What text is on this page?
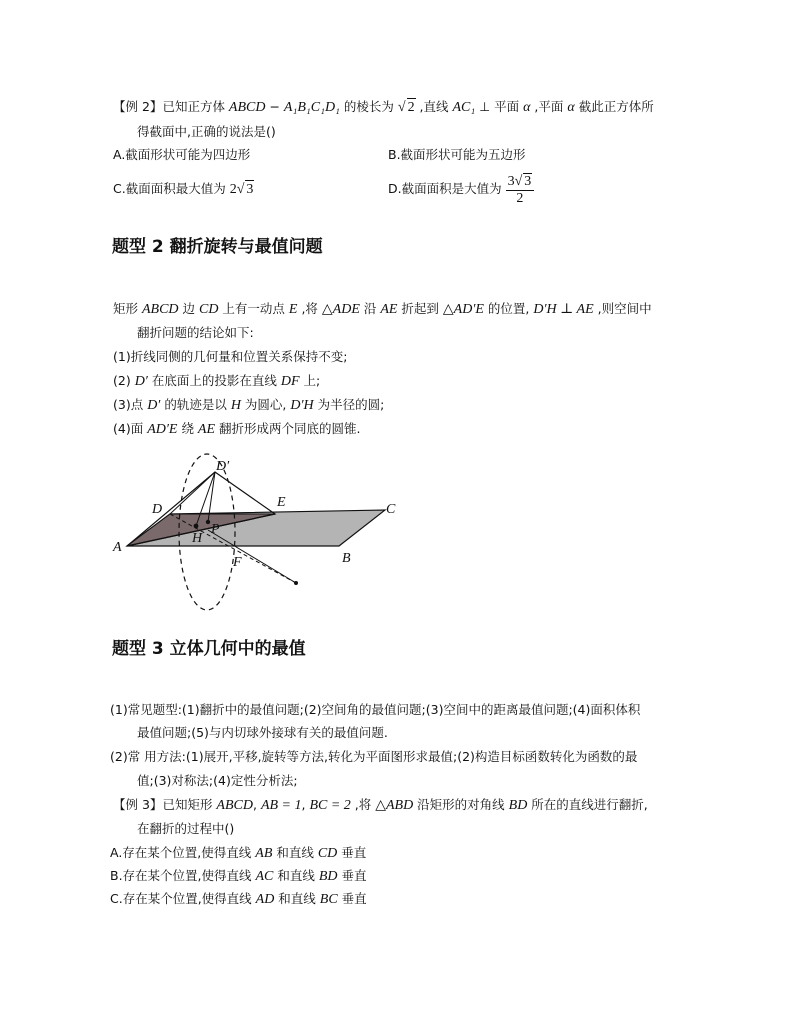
【例 2】已知正方体 ABCD − A₁B₁C₁D₁ 的棱长为 √ 2 ,直线 AC₁ ⊥ 平面 α ,平面 α 截此正方体所
得截面中,正确的说法是()
A.截面形状可能为四边形	B.截面形状可能为五边形
C.截面面积最大值为 2√ 3	D.截面面积是大值为 $\frac{3√ 3}{2}$
题型 2 翻折旋转与最值问题
矩形 ABCD 边 CD 上有一动点 E ,将 △ADE 沿 AE 折起到 △AD′E 的位置, D′H ⊥ AE ,则空间中
翻折问题的结论如下:
(1)折线同侧的几何量和位置关系保持不变;
(2) D′ 在底面上的投影在直线 DF 上;
(3)点 D′ 的轨迹是以 H 为圆心, D′H 为半径的圆;
(4)面 AD′E 绕 AE 翻折形成两个同底的圆锥.
A
B
C
D	E
F
H
P
D′
题型 3 立体几何中的最值
(1)常见题型:(1)翻折中的最值问题;(2)空间角的最值问题;(3)空间中的距离最值问题;(4)面积体积
最值问题;(5)与内切球外接球有关的最值问题.
(2)常 用方法:(1)展开,平移,旋转等方法,转化为平面图形求最值;(2)构造目标函数转化为函数的最
值;(3)对称法;(4)定性分析法;
【例 3】已知矩形 ABCD, AB = 1, BC = 2 ,将 △ABD 沿矩形的对角线 BD 所在的直线进行翻折,
在翻折的过程中()
A.存在某个位置,使得直线 AB 和直线 CD 垂直
B.存在某个位置,使得直线 AC 和直线 BD 垂直
C.存在某个位置,使得直线 AD 和直线 BC 垂直
